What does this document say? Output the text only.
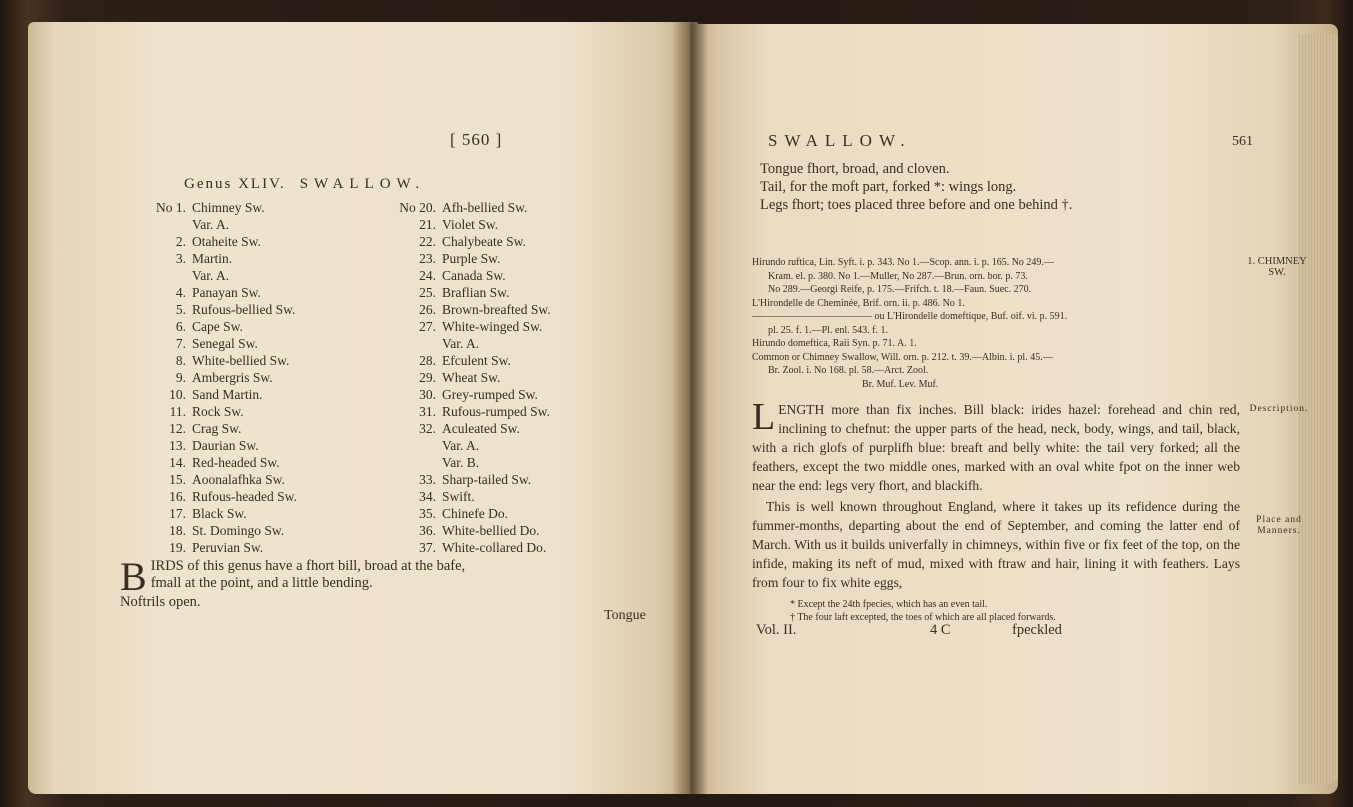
[ 560 ]
Genus XLIV. SWALLOW.
No 1. Chimney Sw.
Var. A.
2. Otaheite Sw.
3. Martin.
Var. A.
4. Panayan Sw.
5. Rufous-bellied Sw.
6. Cape Sw.
7. Senegal Sw.
8. White-bellied Sw.
9. Ambergris Sw.
10. Sand Martin.
11. Rock Sw.
12. Crag Sw.
13. Daurian Sw.
14. Red-headed Sw.
15. Aoonalafhka Sw.
16. Rufous-headed Sw.
17. Black Sw.
18. St. Domingo Sw.
19. Peruvian Sw.
No 20. Afh-bellied Sw.
21. Violet Sw.
22. Chalybeate Sw.
23. Purple Sw.
24. Canada Sw.
25. Braflian Sw.
26. Brown-breafted Sw.
27. White-winged Sw.
Var. A.
28. Efculent Sw.
29. Wheat Sw.
30. Grey-rumped Sw.
31. Rufous-rumped Sw.
32. Aculeated Sw.
Var. A.
Var. B.
33. Sharp-tailed Sw.
34. Swift.
35. Chinefe Do.
36. White-bellied Do.
37. White-collared Do.
B IRDS of this genus have a fhort bill, broad at the bafe,

fmall at the point, and a little bending.

Noftrils open.
Tongue
SWALLOW.	561
Tongue fhort, broad, and cloven.
Tail, for the moft part, forked *: wings long.
Legs fhort; toes placed three before and one behind †.
Hirundo ruftica, Lin. Syft. i. p. 343. No 1.—Scop. ann. i. p. 165. No 249.—
Kram. el. p. 380. No 1.—Muller, No 287.—Brun. orn. bor. p. 73.
No 289.—Georgi Reife, p. 175.—Frifch. t. 18.—Faun. Suec. 270.
L'Hirondelle de Cheminée, Brif. orn. ii. p. 486. No 1.
———————————— ou L'Hirondelle domeftique, Buf. oif. vi. p. 591.
pl. 25. f. 1.—Pl. enl. 543. f. 1.
Hirundo domeftica, Raii Syn. p. 71. A. 1.
Common or Chimney Swallow, Will. orn. p. 212. t. 39.—Albin. i. pl. 45.—
Br. Zool. i. No 168. pl. 58.—Arct. Zool.
Br. Muf. Lev. Muf.
1. CHIMNEY SW.

LENGTH more than fix inches. Bill black: irides hazel: forehead and chin red, inclining to chefnut: the upper parts of the head, neck, body, wings, and tail, black, with a rich glofs of purplifh blue: breaft and belly white: the tail very forked; all the feathers, except the two middle ones, marked with an oval white fpot on the inner web near the end: legs very fhort, and blackifh.

This is well known throughout England, where it takes up its refidence during the fummer-months, departing about the end of September, and coming the latter end of March. With us it builds univerfally in chimneys, within five or fix feet of the top, on the infide, making its neft of mud, mixed with ftraw and hair, lining it with feathers. Lays from four to fix white eggs,

Description.
Place and Manners.
* Except the 24th fpecies, which has an even tail.
† The four laft excepted, the toes of which are all placed forwards.
Vol. II.	4 C	fpeckled
